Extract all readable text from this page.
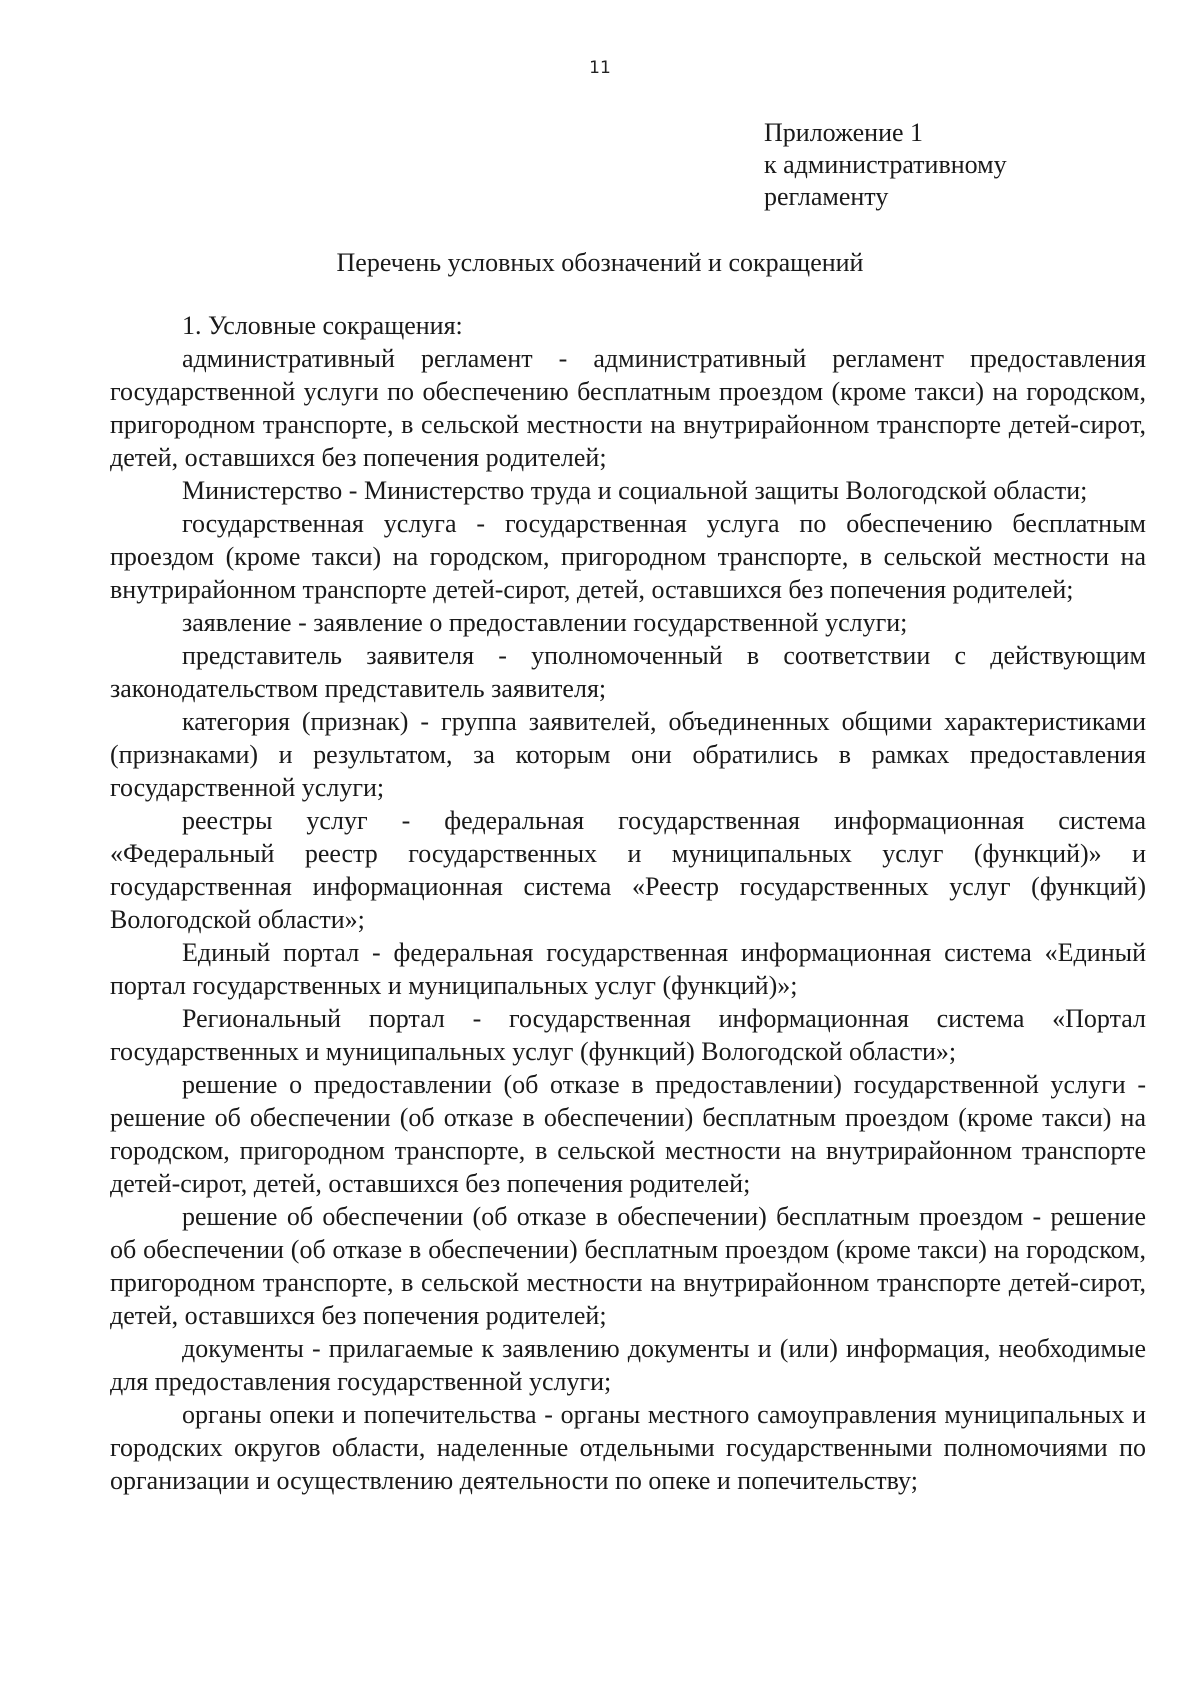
11
Приложение 1
к административному
регламенту
Перечень условных обозначений и сокращений

1. Условные сокращения:

административный регламент - административный регламент предоставления государственной услуги по обеспечению бесплатным проездом (кроме такси) на городском, пригородном транспорте, в сельской местности на внутрирайонном транспорте детей-сирот, детей, оставшихся без попечения родителей;

Министерство - Министерство труда и социальной защиты Вологодской области;

государственная услуга - государственная услуга по обеспечению бесплатным проездом (кроме такси) на городском, пригородном транспорте, в сельской местности на внутрирайонном транспорте детей-сирот, детей, оставшихся без попечения родителей;

заявление - заявление о предоставлении государственной услуги;

представитель заявителя - уполномоченный в соответствии с действующим законодательством представитель заявителя;

категория (признак) - группа заявителей, объединенных общими характеристиками (признаками) и результатом, за которым они обратились в рамках предоставления государственной услуги;

реестры услуг - федеральная государственная информационная система «Федеральный реестр государственных и муниципальных услуг (функций)» и государственная информационная система «Реестр государственных услуг (функций) Вологодской области»;

Единый портал - федеральная государственная информационная система «Единый портал государственных и муниципальных услуг (функций)»;

Региональный портал - государственная информационная система «Портал государственных и муниципальных услуг (функций) Вологодской области»;

решение о предоставлении (об отказе в предоставлении) государственной услуги - решение об обеспечении (об отказе в обеспечении) бесплатным проездом (кроме такси) на городском, пригородном транспорте, в сельской местности на внутрирайонном транспорте детей-сирот, детей, оставшихся без попечения родителей;

решение об обеспечении (об отказе в обеспечении) бесплатным проездом - решение об обеспечении (об отказе в обеспечении) бесплатным проездом (кроме такси) на городском, пригородном транспорте, в сельской местности на внутрирайонном транспорте детей-сирот, детей, оставшихся без попечения родителей;

документы - прилагаемые к заявлению документы и (или) информация, необходимые для предоставления государственной услуги;

органы опеки и попечительства - органы местного самоуправления муниципальных и городских округов области, наделенные отдельными государственными полномочиями по организации и осуществлению деятельности по опеке и попечительству;
